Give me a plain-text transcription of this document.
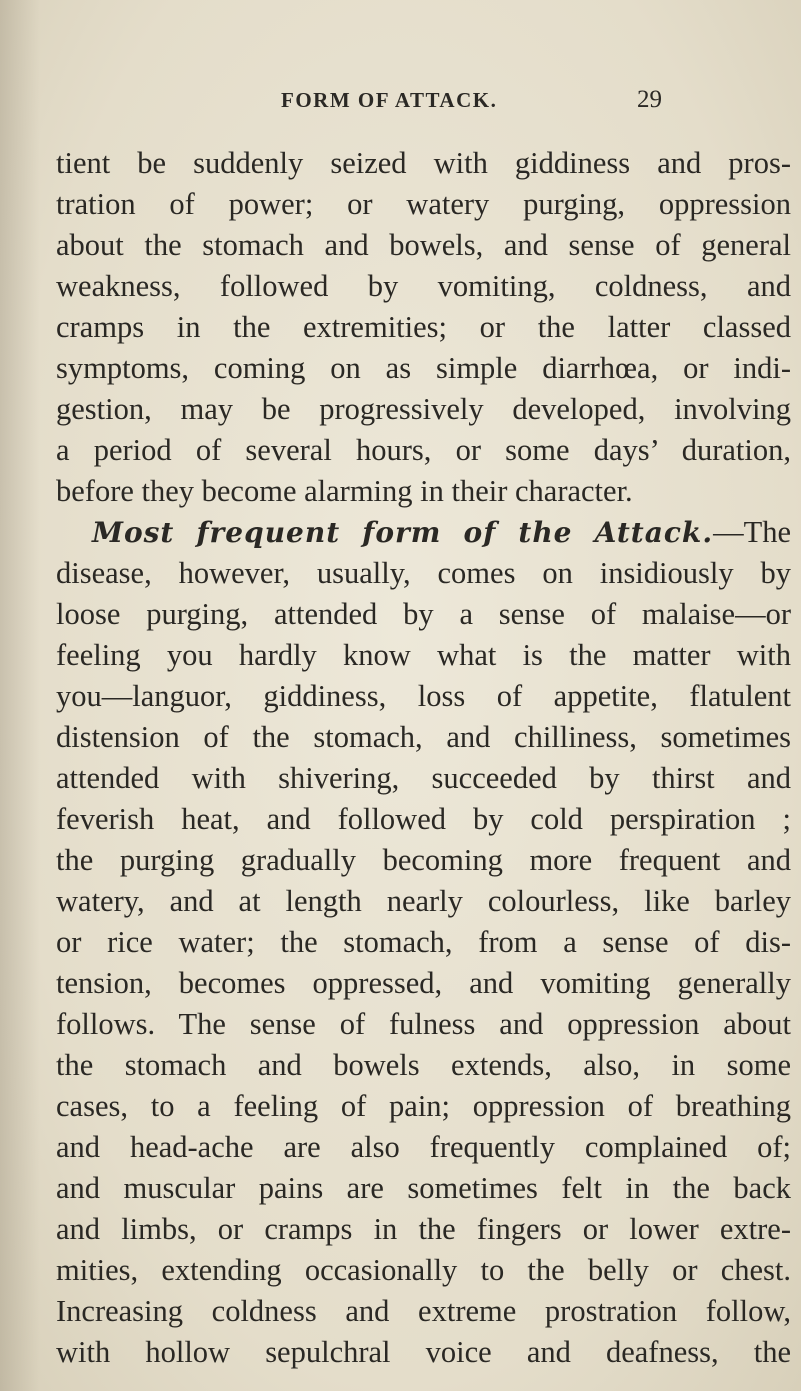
FORM OF ATTACK.	29
tient be suddenly seized with giddiness and pros-
tration of power; or watery purging, oppression
about the stomach and bowels, and sense of general
weakness, followed by vomiting, coldness, and
cramps in the extremities; or the latter classed
symptoms, coming on as simple diarrhœa, or indi-
gestion, may be progressively developed, involving
a period of several hours, or some days’ duration,
before they become alarming in their character.
Most frequent form of the Attack.—The
disease, however, usually, comes on insidiously by
loose purging, attended by a sense of malaise—or
feeling you hardly know what is the matter with
you—languor, giddiness, loss of appetite, flatulent
distension of the stomach, and chilliness, sometimes
attended with shivering, succeeded by thirst and
feverish heat, and followed by cold perspiration ;
the purging gradually becoming more frequent and
watery, and at length nearly colourless, like barley
or rice water; the stomach, from a sense of dis-
tension, becomes oppressed, and vomiting generally
follows. The sense of fulness and oppression about
the stomach and bowels extends, also, in some
cases, to a feeling of pain; oppression of breathing
and head-ache are also frequently complained of;
and muscular pains are sometimes felt in the back
and limbs, or cramps in the fingers or lower extre-
mities, extending occasionally to the belly or chest.
Increasing coldness and extreme prostration follow,
with hollow sepulchral voice and deafness, the
